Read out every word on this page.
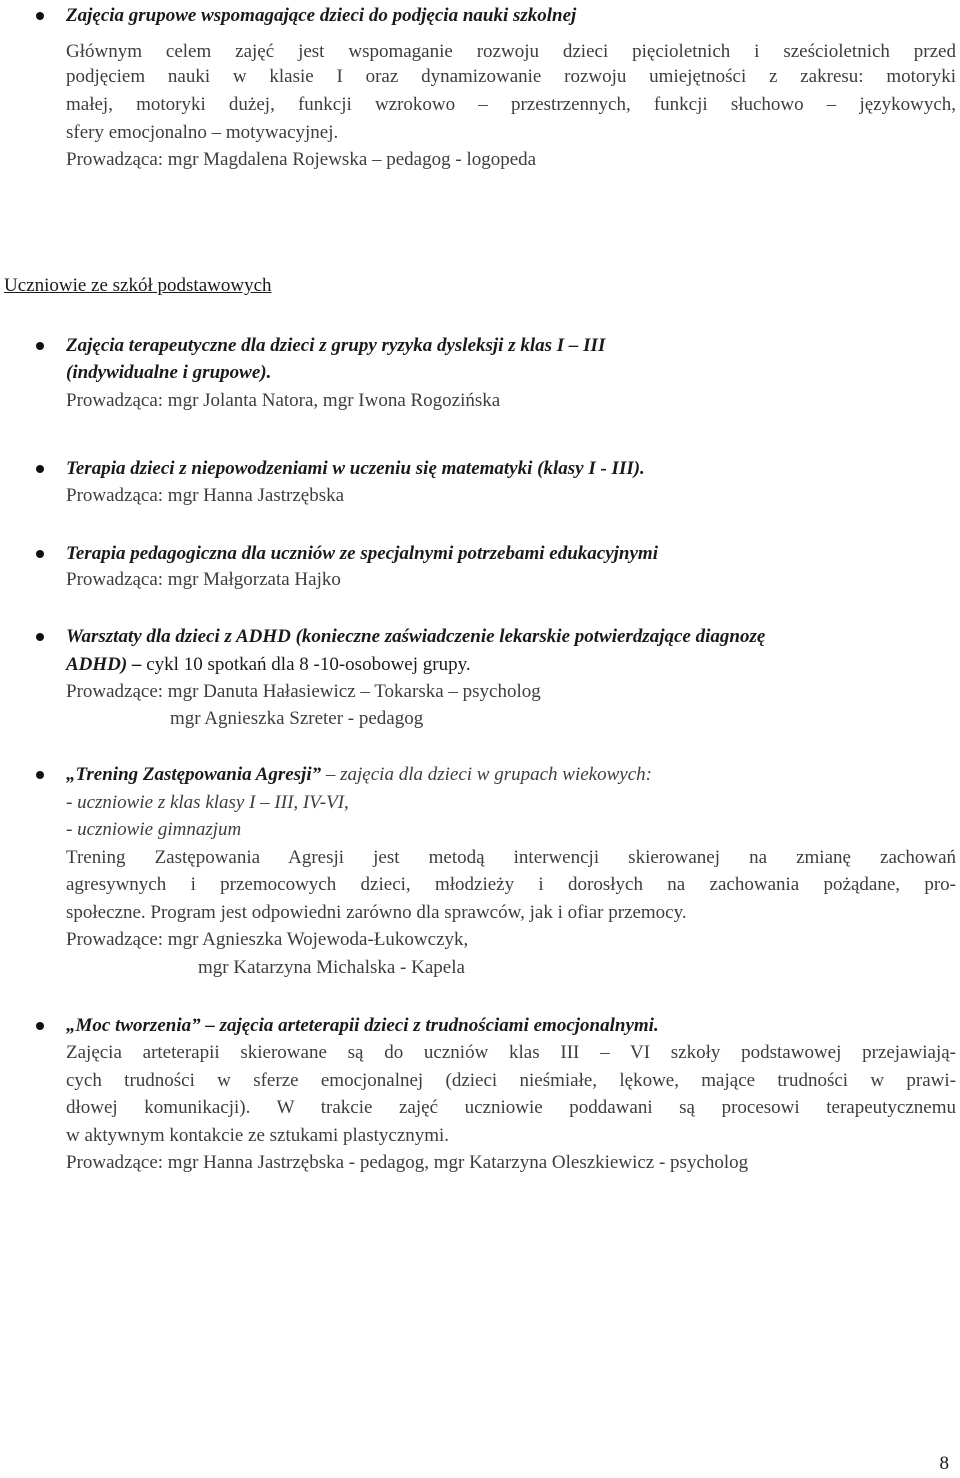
Zajęcia grupowe wspomagające dzieci do podjęcia nauki szkolnej
Głównym celem zajęć jest wspomaganie rozwoju dzieci pięcioletnich i sześcioletnich przed
podjęciem nauki w klasie I oraz dynamizowanie rozwoju umiejętności z zakresu: motoryki
małej, motoryki dużej, funkcji wzrokowo – przestrzennych, funkcji słuchowo – językowych,
sfery emocjonalno – motywacyjnej.
Prowadząca: mgr Magdalena Rojewska – pedagog - logopeda
Uczniowie ze szkół podstawowych
Zajęcia terapeutyczne dla dzieci z grupy ryzyka dysleksji z klas I – III
(indywidualne i grupowe).
Prowadząca: mgr Jolanta Natora, mgr Iwona Rogozińska
Terapia dzieci z niepowodzeniami w uczeniu się matematyki (klasy I - III).
Prowadząca: mgr Hanna Jastrzębska
Terapia pedagogiczna dla uczniów ze specjalnymi potrzebami edukacyjnymi
Prowadząca: mgr Małgorzata Hajko
Warsztaty dla dzieci z ADHD (konieczne zaświadczenie lekarskie potwierdzające diagnozę
ADHD) – cykl 10 spotkań dla 8 -10-osobowej grupy.
Prowadzące: mgr Danuta Hałasiewicz – Tokarska – psycholog
mgr Agnieszka Szreter - pedagog
„Trening Zastępowania Agresji” – zajęcia dla dzieci w grupach wiekowych:
- uczniowie z klas klasy I – III, IV-VI,
- uczniowie gimnazjum
Trening Zastępowania Agresji jest metodą interwencji skierowanej na zmianę zachowań
agresywnych i przemocowych dzieci, młodzieży i dorosłych na zachowania pożądane, pro-
społeczne. Program jest odpowiedni zarówno dla sprawców, jak i ofiar przemocy.
Prowadzące: mgr Agnieszka Wojewoda-Łukowczyk,
mgr Katarzyna Michalska - Kapela
„Moc tworzenia” – zajęcia arteterapii dzieci z trudnościami emocjonalnymi.
Zajęcia arteterapii skierowane są do uczniów klas III – VI szkoły podstawowej przejawiają-
cych trudności w sferze emocjonalnej (dzieci nieśmiałe, lękowe, mające trudności w prawi-
dłowej komunikacji). W trakcie zajęć uczniowie poddawani są procesowi terapeutycznemu
w aktywnym kontakcie ze sztukami plastycznymi.
Prowadzące: mgr Hanna Jastrzębska - pedagog, mgr Katarzyna Oleszkiewicz - psycholog
8
